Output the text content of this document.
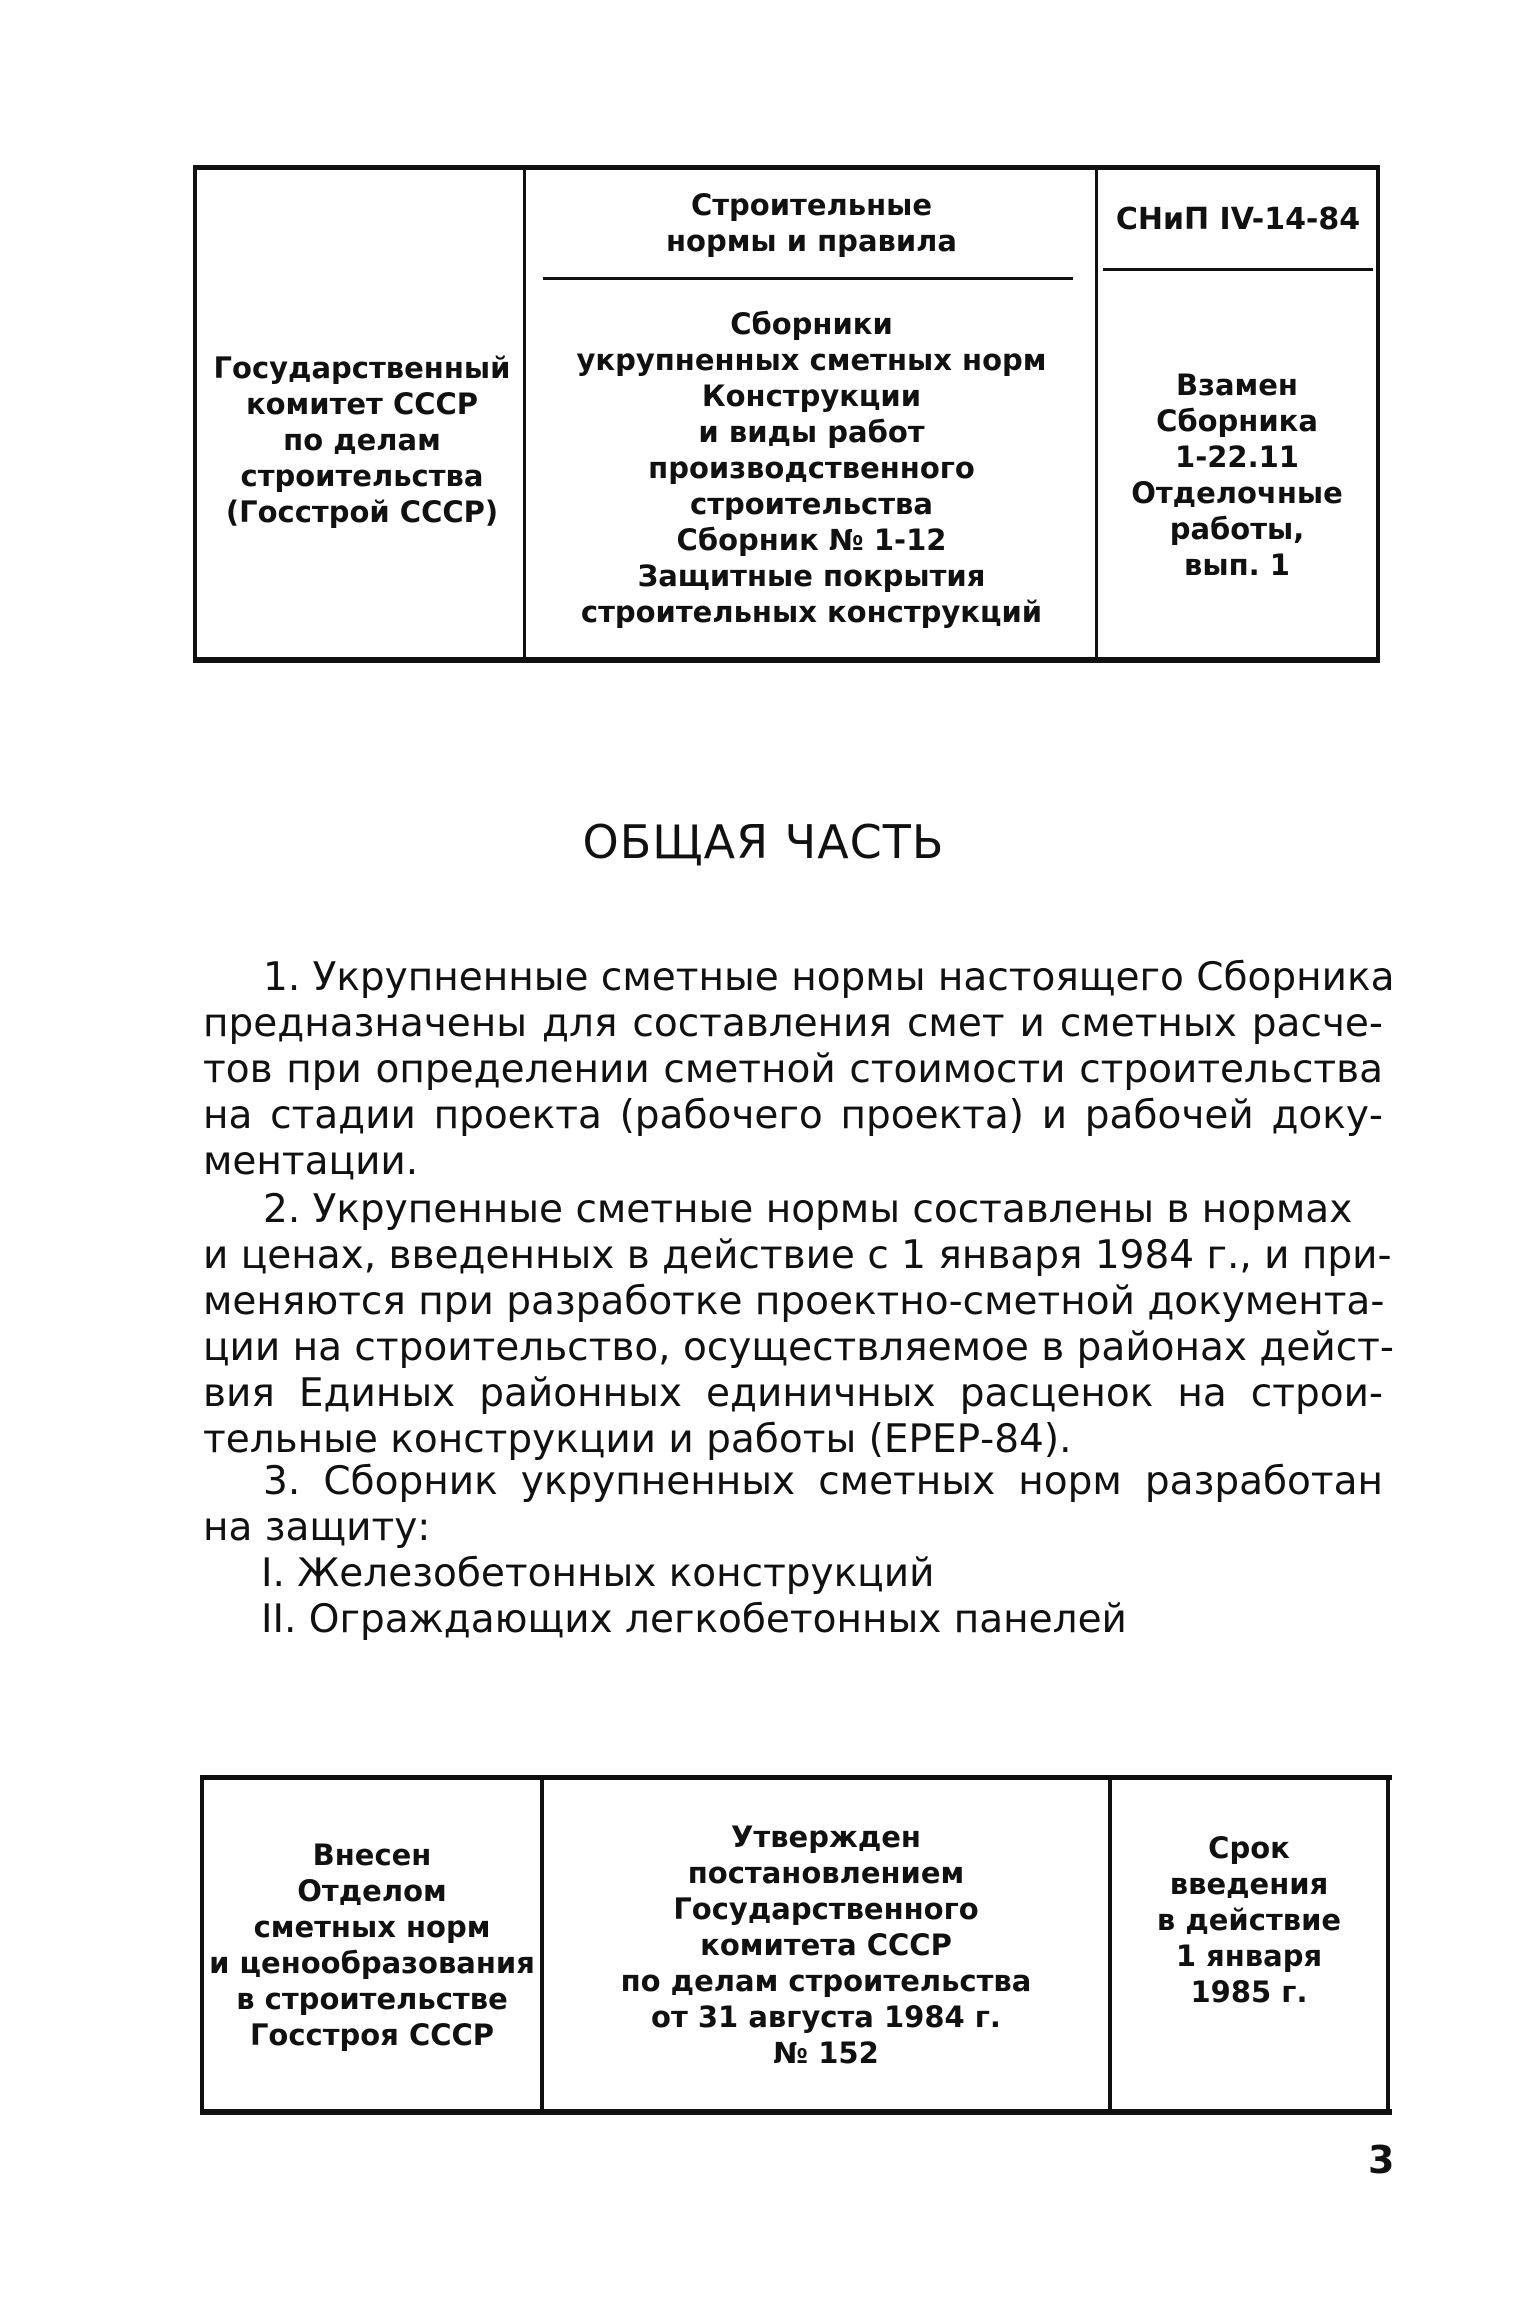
Государственный
комитет СССР
по делам
строительства
(Госстрой СССР)
Строительные
нормы и правила
Сборники
укрупненных сметных норм
Конструкции
и виды работ
производственного
строительства
Сборник № 1-12
Защитные покрытия
строительных конструкций
СНиП IV-14-84
Взамен
Сборника
1-22.11
Отделочные
работы,
вып. 1
ОБЩАЯ ЧАСТЬ
1. Укрупненные сметные нормы настоящего Сборника
предназначены для составления смет и сметных расче-
тов при определении сметной стоимости строительства
на стадии проекта (рабочего проекта) и рабочей доку-
ментации.
2. Укрупенные сметные нормы составлены в нормах
и ценах, введенных в действие с 1 января 1984 г., и при-
меняются при разработке проектно-сметной документа-
ции на строительство, осуществляемое в районах дейст-
вия Единых районных единичных расценок на строи-
тельные конструкции и работы (ЕРЕР-84).
3. Сборник укрупненных сметных норм разработан
на защиту:
I. Железобетонных конструкций
II. Ограждающих легкобетонных панелей
Внесен
Отделом
сметных норм
и ценообразования
в строительстве
Госстроя СССР
Утвержден
постановлением
Государственного
комитета СССР
по делам строительства
от 31 августа 1984 г.
№ 152
Срок
введения
в действие
1 января
1985 г.
3
